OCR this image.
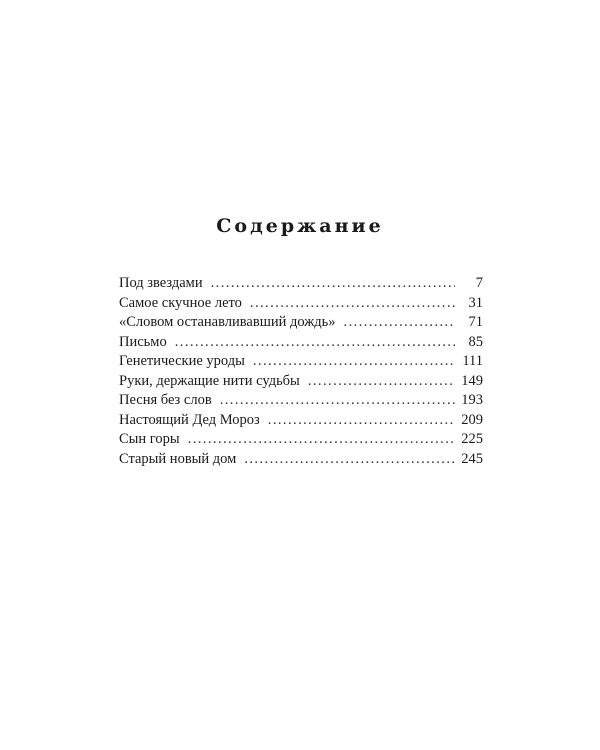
Содержание
Под звездами . . .	7
Самое скучное лето . . .	31
«Словом останавливавший дождь» . . .	71
Письмо . . .	85
Генетические уроды . . .	111
Руки, держащие нити судьбы . . .	149
Песня без слов . . .	193
Настоящий Дед Мороз . . .	209
Сын горы . . .	225
Старый новый дом . . .	245
